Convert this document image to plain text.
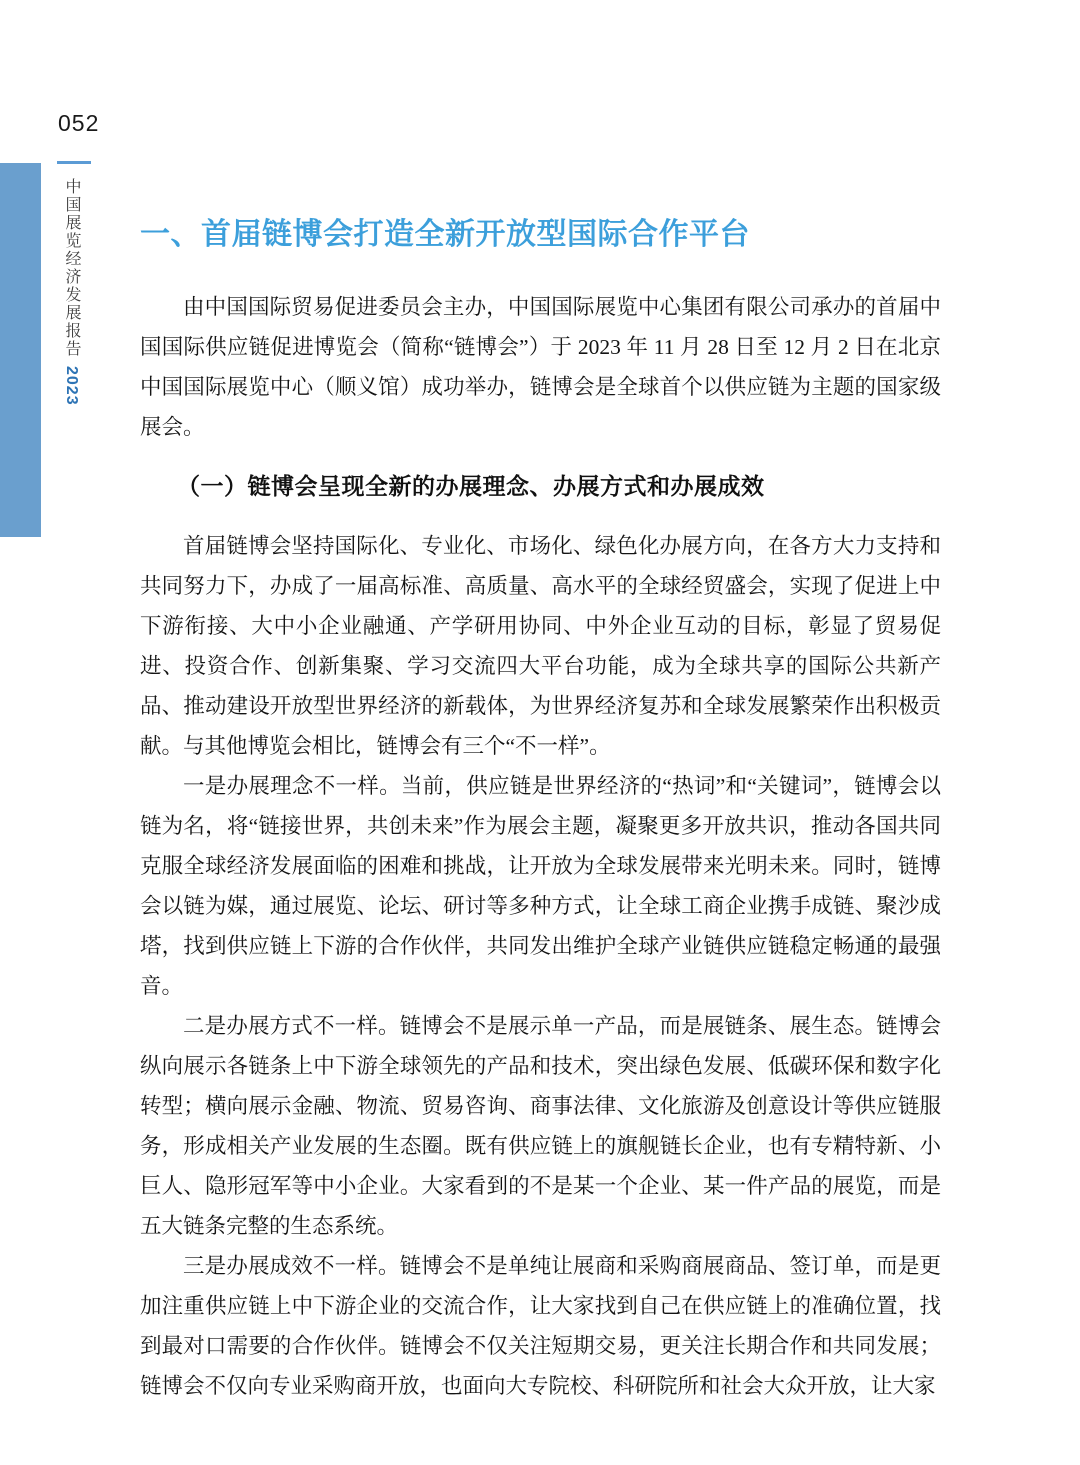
052
中国展览经济发展报告2023
一、首届链博会打造全新开放型国际合作平台

由中国国际贸易促进委员会主办，中国国际展览中心集团有限公司承办的首届中国国际供应链促进博览会（简称“链博会”）于 2023 年 11 月 28 日至 12 月 2 日在北京中国国际展览中心（顺义馆）成功举办，链博会是全球首个以供应链为主题的国家级展会。

（一）链博会呈现全新的办展理念、办展方式和办展成效

首届链博会坚持国际化、专业化、市场化、绿色化办展方向，在各方大力支持和共同努力下，办成了一届高标准、高质量、高水平的全球经贸盛会，实现了促进上中下游衔接、大中小企业融通、产学研用协同、中外企业互动的目标，彰显了贸易促进、投资合作、创新集聚、学习交流四大平台功能，成为全球共享的国际公共新产品、推动建设开放型世界经济的新载体，为世界经济复苏和全球发展繁荣作出积极贡献。与其他博览会相比，链博会有三个“不一样”。

一是办展理念不一样。当前，供应链是世界经济的“热词”和“关键词”，链博会以链为名，将“链接世界，共创未来”作为展会主题，凝聚更多开放共识，推动各国共同克服全球经济发展面临的困难和挑战，让开放为全球发展带来光明未来。同时，链博会以链为媒，通过展览、论坛、研讨等多种方式，让全球工商企业携手成链、聚沙成塔，找到供应链上下游的合作伙伴，共同发出维护全球产业链供应链稳定畅通的最强音。

二是办展方式不一样。链博会不是展示单一产品，而是展链条、展生态。链博会纵向展示各链条上中下游全球领先的产品和技术，突出绿色发展、低碳环保和数字化转型；横向展示金融、物流、贸易咨询、商事法律、文化旅游及创意设计等供应链服务，形成相关产业发展的生态圈。既有供应链上的旗舰链长企业，也有专精特新、小巨人、隐形冠军等中小企业。大家看到的不是某一个企业、某一件产品的展览，而是五大链条完整的生态系统。

三是办展成效不一样。链博会不是单纯让展商和采购商展商品、签订单，而是更加注重供应链上中下游企业的交流合作，让大家找到自己在供应链上的准确位置，找到最对口需要的合作伙伴。链博会不仅关注短期交易，更关注长期合作和共同发展；链博会不仅向专业采购商开放，也面向大专院校、科研院所和社会大众开放，让大家
